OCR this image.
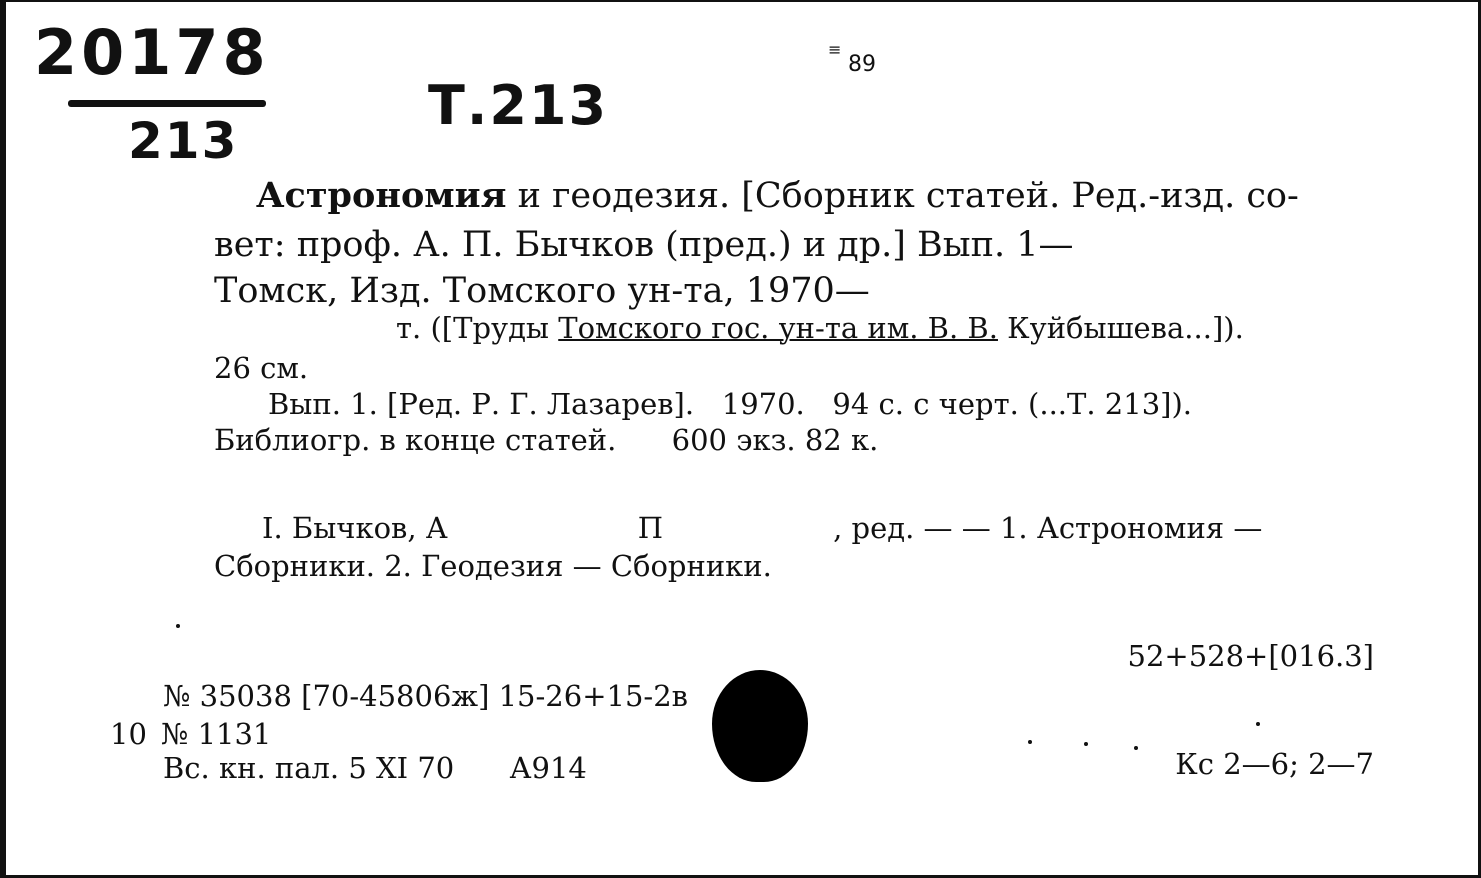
20178
213
Т.213
≡
89
Астрономия и геодезия. [Сборник статей. Ред.-изд. со-
вет: проф. А. П. Бычков (пред.) и др.] Вып. 1—
Томск, Изд. Томского ун-та, 1970—
т. ([Труды Томского гос. ун-та им. В. В. Куйбышева...]).
26 см.
Вып. 1. [Ред. Р. Г. Лазарев].   1970.   94 с. с черт. (...Т. 213]).
Библиогр. в конце статей.      600 экз. 82 к.
I. Бычков, А	П	, ред. — — 1. Астрономия —
Сборники. 2. Геодезия — Сборники.
52+528+[016.3]
№ 35038 [70-45806ж] 15-26+15-2в
10 № 1131
Вс. кн. пал. 5 XI 70      А914	Кс 2—6; 2—7
